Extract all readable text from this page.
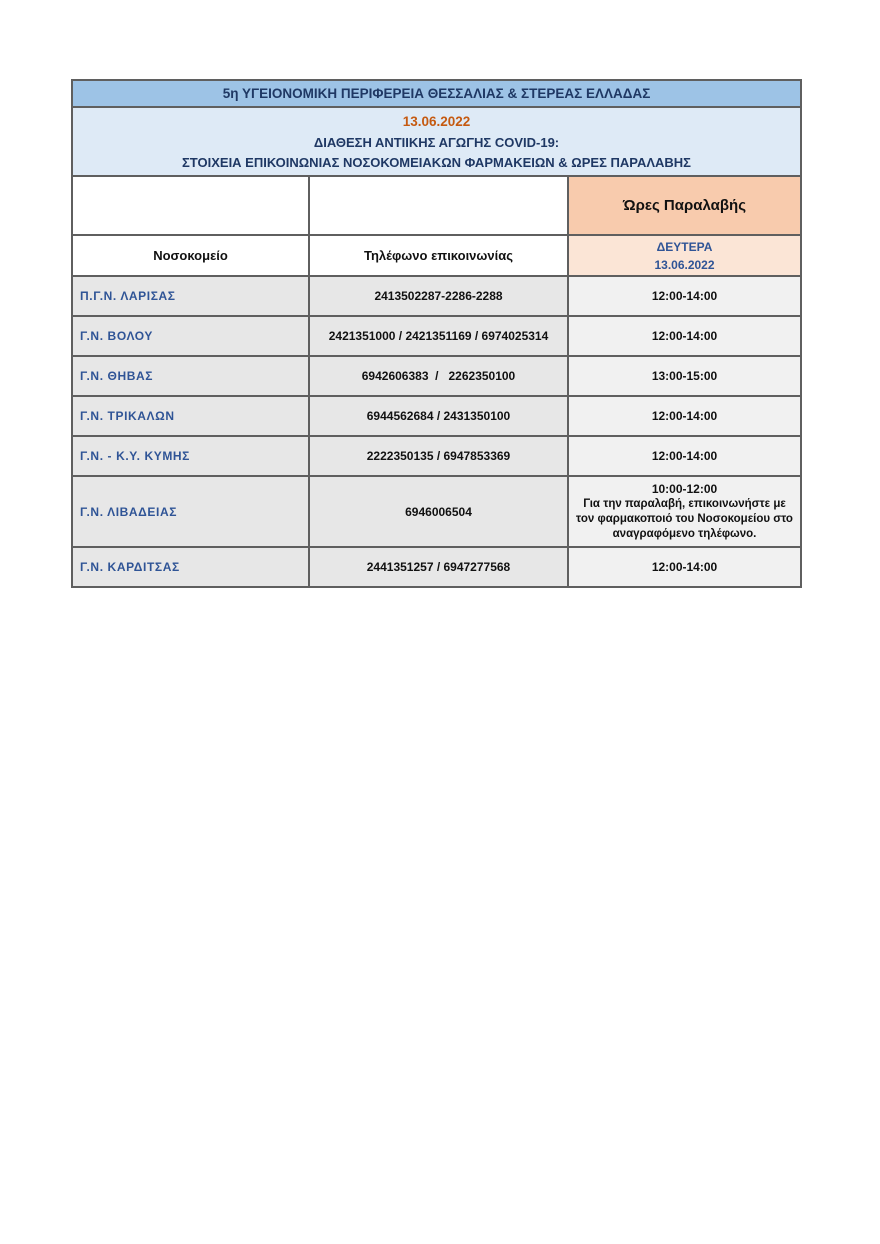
5η ΥΓΕΙΟΝΟΜΙΚΗ ΠΕΡΙΦΕΡΕΙΑ ΘΕΣΣΑΛΙΑΣ & ΣΤΕΡΕΑΣ ΕΛΛΑΔΑΣ		

13.06.2022
ΔΙΑΘΕΣΗ ΑΝΤΙΙΚΗΣ ΑΓΩΓΗΣ COVID-19:
ΣΤΟΙΧΕΙΑ ΕΠΙΚΟΙΝΩΝΙΑΣ ΝΟΣΟΚΟΜΕΙΑΚΩΝ ΦΑΡΜΑΚΕΙΩΝ & ΩΡΕΣ ΠΑΡΑΛΑΒΗΣ		

		Ώρες Παραλαβής
Νοσοκομείο	Τηλέφωνο επικοινωνίας	ΔΕΥΤΕΡΑ
13.06.2022

Π.Γ.Ν. ΛΑΡΙΣΑΣ	2413502287-2286-2288	12:00-14:00
Γ.Ν. ΒΟΛΟΥ	2421351000 / 2421351169 / 6974025314	12:00-14:00
Γ.Ν. ΘΗΒΑΣ	6942606383  /   2262350100	13:00-15:00
Γ.Ν. ΤΡΙΚΑΛΩΝ	6944562684 / 2431350100	12:00-14:00
Γ.Ν. - Κ.Υ. ΚΥΜΗΣ	2222350135 / 6947853369	12:00-14:00
Γ.Ν. ΛΙΒΑΔΕΙΑΣ	6946006504	10:00-12:00
Για την παραλαβή, επικοινωνήστε με τον φαρμακοποιό του Νοσοκομείου στο αναγραφόμενο τηλέφωνο.

Γ.Ν. ΚΑΡΔΙΤΣΑΣ	2441351257 / 6947277568	12:00-14:00
